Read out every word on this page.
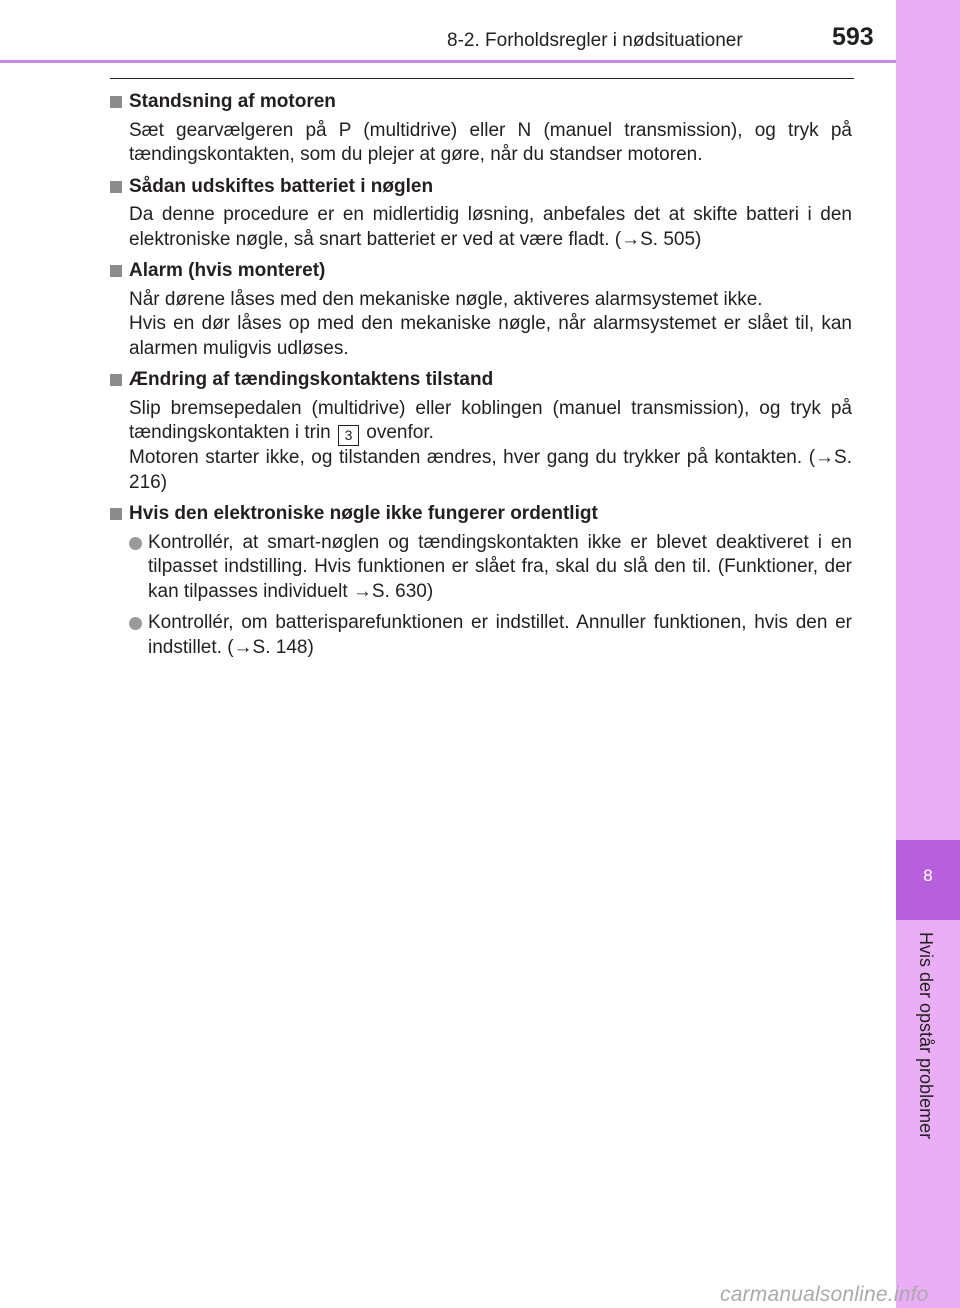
8-2. Forholdsregler i nødsituationer	593
8
Hvis der opstår problemer
Standsning af motoren
Sæt gearvælgeren på P (multidrive) eller N (manuel transmission), og tryk på tændingskontakten, som du plejer at gøre, når du standser motoren.
Sådan udskiftes batteriet i nøglen
Da denne procedure er en midlertidig løsning, anbefales det at skifte batteri i den elektroniske nøgle, så snart batteriet er ved at være fladt. (→S. 505)
Alarm (hvis monteret)
Når dørene låses med den mekaniske nøgle, aktiveres alarmsystemet ikke.
Hvis en dør låses op med den mekaniske nøgle, når alarmsystemet er slået til, kan alarmen muligvis udløses.
Ændring af tændingskontaktens tilstand
Slip bremsepedalen (multidrive) eller koblingen (manuel transmission), og tryk på tændingskontakten i trin 3 ovenfor.
Motoren starter ikke, og tilstanden ændres, hver gang du trykker på kontakten. (→S. 216)
Hvis den elektroniske nøgle ikke fungerer ordentligt
Kontrollér, at smart-nøglen og tændingskontakten ikke er blevet deaktiveret i en tilpasset indstilling. Hvis funktionen er slået fra, skal du slå den til. (Funktioner, der kan tilpasses individuelt →S. 630)
Kontrollér, om batterisparefunktionen er indstillet. Annuller funktionen, hvis den er indstillet. (→S. 148)
carmanualsonline.info
